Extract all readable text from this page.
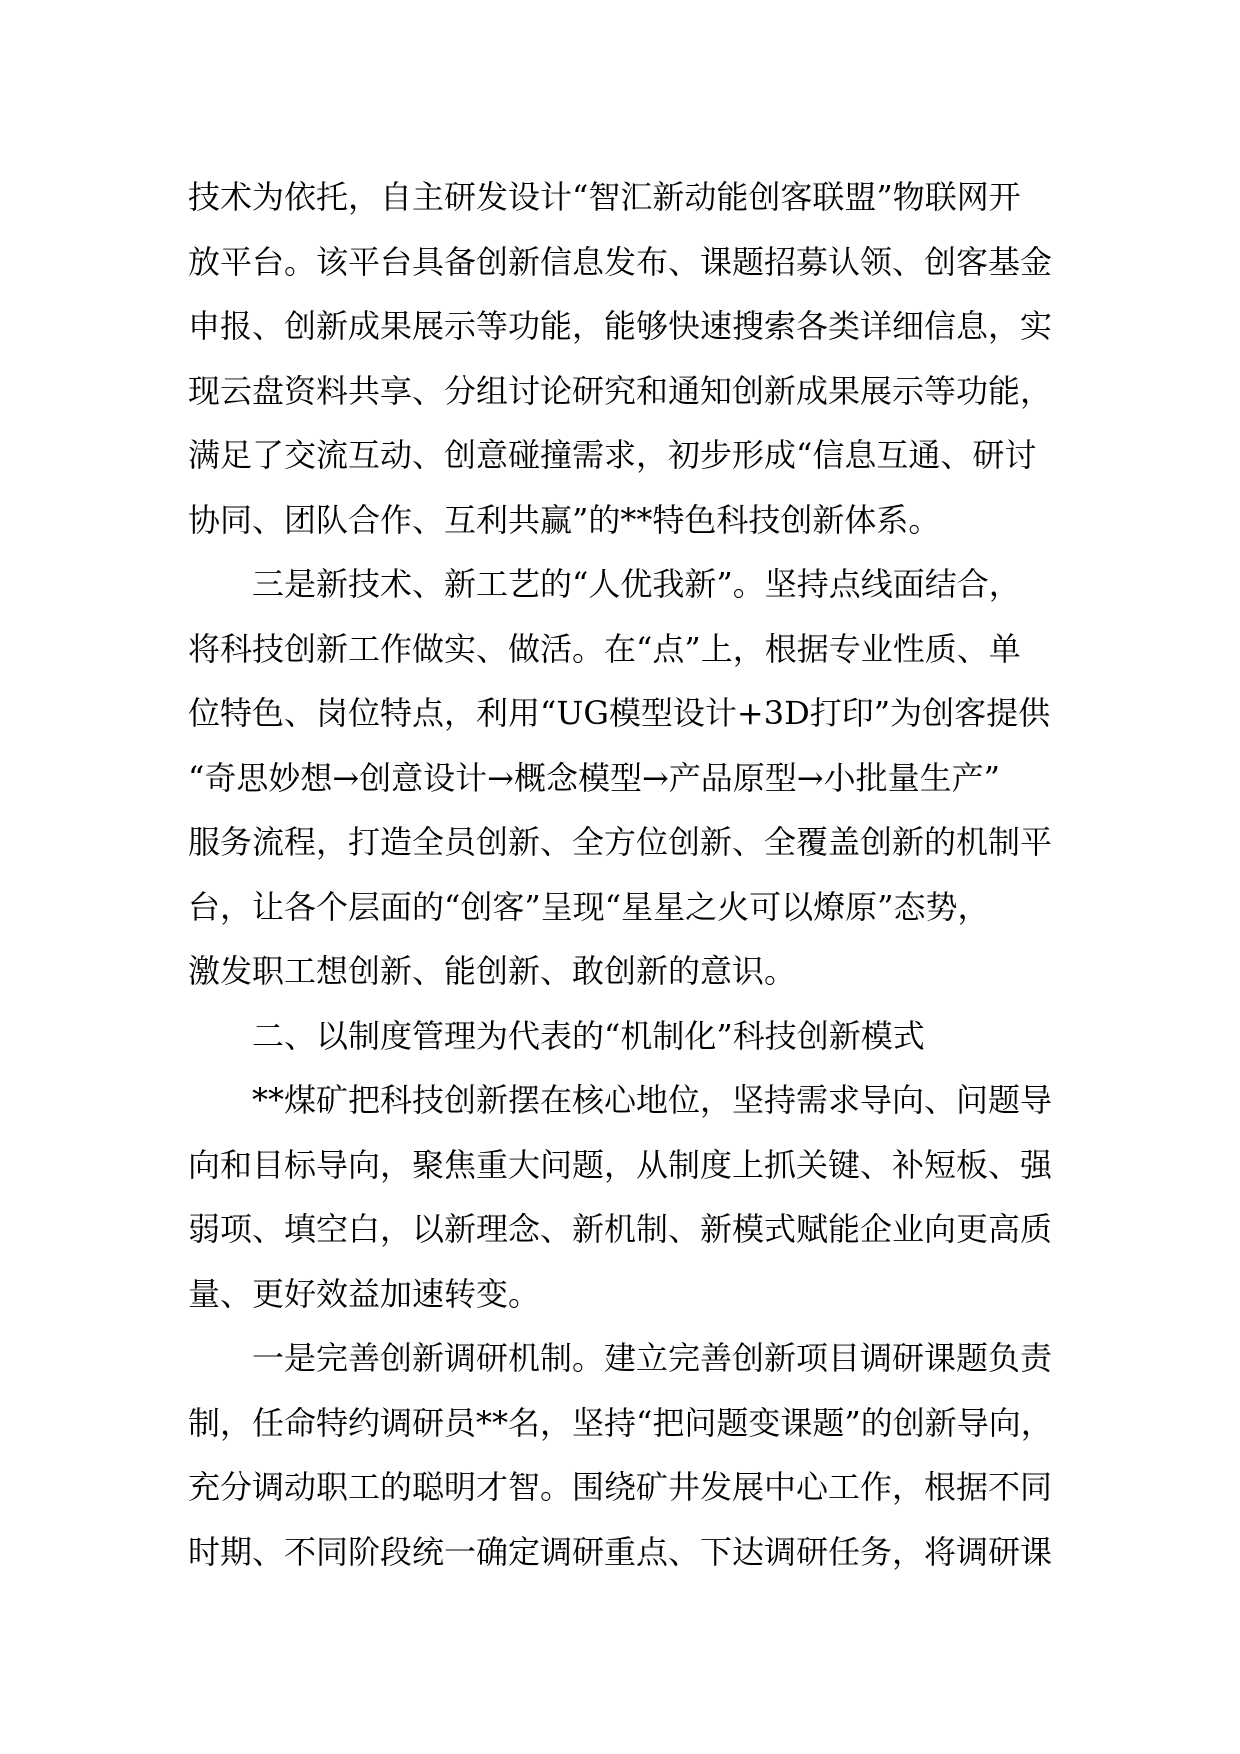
技术为依托，自主研发设计“智汇新动能创客联盟”物联网开
放平台。该平台具备创新信息发布、课题招募认领、创客基金
申报、创新成果展示等功能，能够快速搜索各类详细信息，实
现云盘资料共享、分组讨论研究和通知创新成果展示等功能，
满足了交流互动、创意碰撞需求，初步形成“信息互通、研讨
协同、团队合作、互利共赢”的**特色科技创新体系。
三是新技术、新工艺的“人优我新”。坚持点线面结合，
将科技创新工作做实、做活。在“点”上，根据专业性质、单
位特色、岗位特点，利用“UG模型设计+3D打印”为创客提供
“奇思妙想→创意设计→概念模型→产品原型→小批量生产”
服务流程，打造全员创新、全方位创新、全覆盖创新的机制平
台，让各个层面的“创客”呈现“星星之火可以燎原”态势，
激发职工想创新、能创新、敢创新的意识。
二、以制度管理为代表的“机制化”科技创新模式
**煤矿把科技创新摆在核心地位，坚持需求导向、问题导
向和目标导向，聚焦重大问题，从制度上抓关键、补短板、强
弱项、填空白，以新理念、新机制、新模式赋能企业向更高质
量、更好效益加速转变。
一是完善创新调研机制。建立完善创新项目调研课题负责
制，任命特约调研员**名，坚持“把问题变课题”的创新导向，
充分调动职工的聪明才智。围绕矿井发展中心工作，根据不同
时期、不同阶段统一确定调研重点、下达调研任务，将调研课
